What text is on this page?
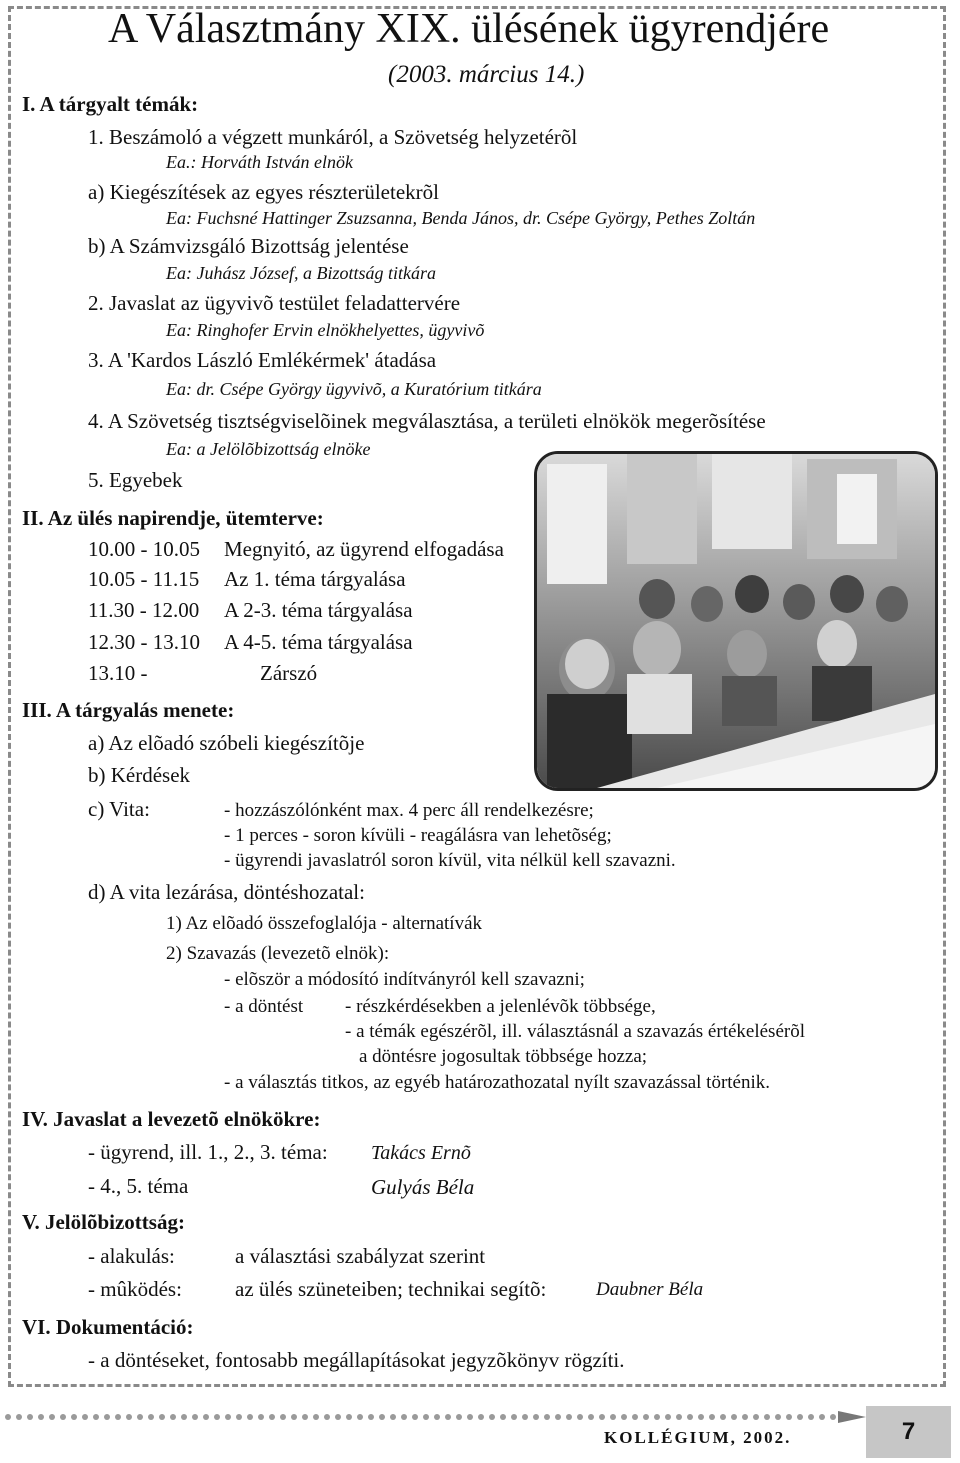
A Választmány XIX. ülésének ügyrendjére
(2003. március 14.)
I. A tárgyalt témák:
1. Beszámoló a végzett munkáról, a Szövetség helyzetérõl
Ea.: Horváth István elnök
a) Kiegészítések az egyes részterületekrõl
Ea: Fuchsné Hattinger Zsuzsanna, Benda János, dr. Csépe György, Pethes Zoltán
b) A Számvizsgáló Bizottság jelentése
Ea: Juhász József, a Bizottság titkára
2. Javaslat az ügyvivõ testület feladattervére
Ea: Ringhofer Ervin elnökhelyettes, ügyvivõ
3. A 'Kardos László Emlékérmek' átadása
Ea: dr. Csépe György ügyvivõ, a Kuratórium titkára
4. A Szövetség tisztségviselõinek megválasztása, a területi elnökök megerõsítése
Ea: a Jelölõbizottság elnöke
5. Egyebek
II. Az ülés napirendje, ütemterve:
10.00 - 10.05 Megnyitó, az ügyrend elfogadása
10.05 - 11.15 Az 1. téma tárgyalása
11.30 - 12.00 A 2-3. téma tárgyalása
12.30 - 13.10 A 4-5. téma tárgyalása
13.10 -	Zárszó
III. A tárgyalás menete:
a) Az elõadó szóbeli kiegészítõje
b) Kérdések
c) Vita:	- hozzászólónként max. 4 perc áll rendelkezésre;
- 1 perces - soron kívüli - reagálásra van lehetõség;
- ügyrendi javaslatról soron kívül, vita nélkül kell szavazni.
d) A vita lezárása, döntéshozatal:
1) Az elõadó összefoglalója - alternatívák
2) Szavazás (levezetõ elnök):
- elõször a módosító indítványról kell szavazni;
- a döntést - részkérdésekben a jelenlévõk többsége,
- a témák egészérõl, ill. választásnál a szavazás értékelésérõl
a döntésre jogosultak többsége hozza;
- a választás titkos, az egyéb határozathozatal nyílt szavazással történik.
IV. Javaslat a levezetõ elnökökre:
- ügyrend, ill. 1., 2., 3. téma: Takács Ernõ
- 4., 5. téma	Gulyás Béla
V. Jelölõbizottság:
- alakulás:	a választási szabályzat szerint
- mûködés:	az ülés szüneteiben; technikai segítõ:	Daubner Béla
VI. Dokumentáció:
- a döntéseket, fontosabb megállapításokat jegyzõkönyv rögzíti.
KOLLÉGIUM, 2002.	7
